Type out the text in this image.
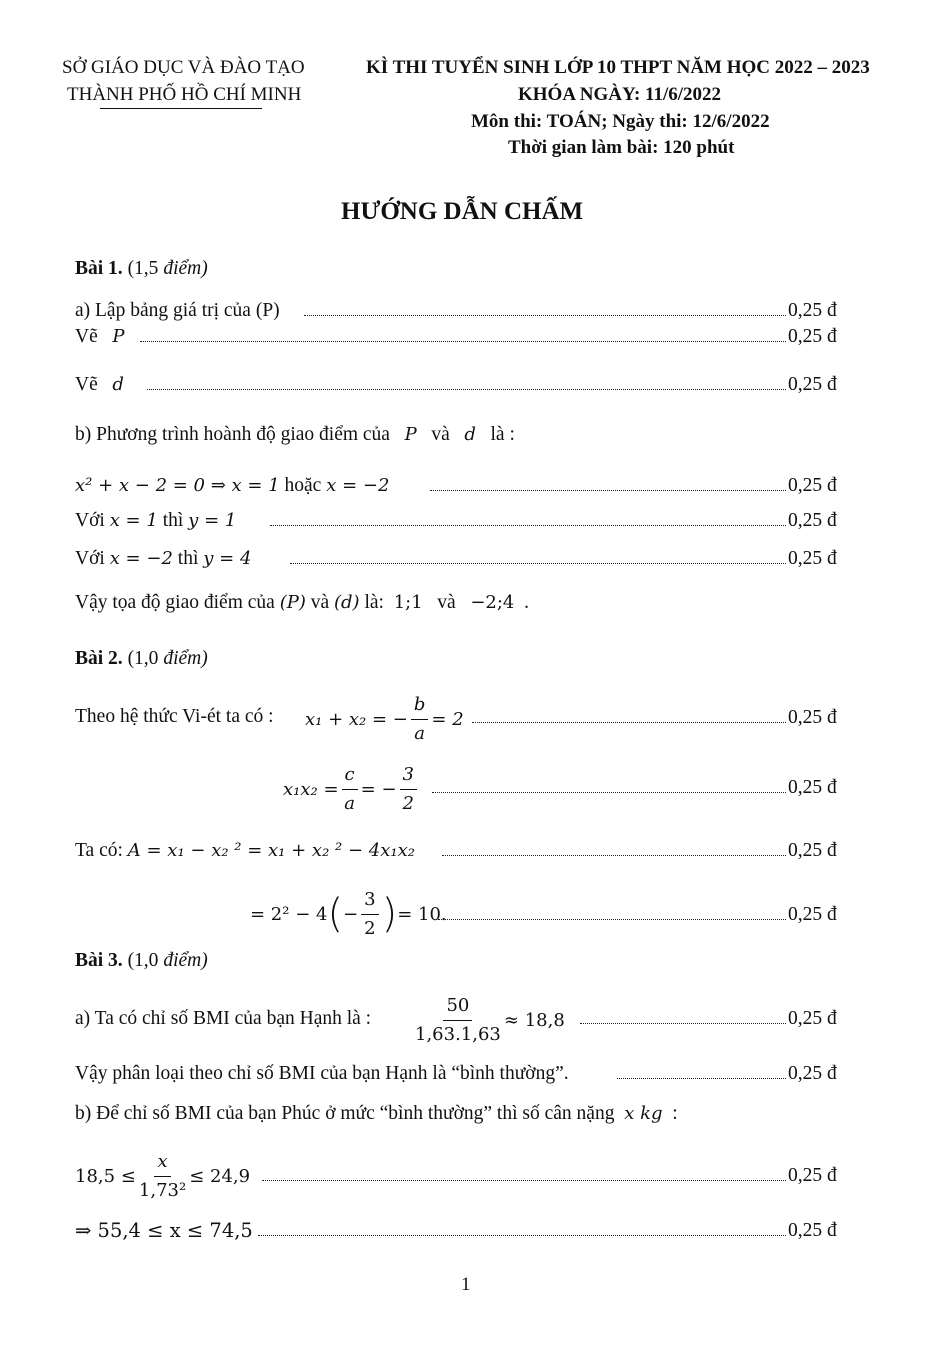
SỞ GIÁO DỤC VÀ ĐÀO TẠO
THÀNH PHỐ HỒ CHÍ MINH
KÌ THI TUYỂN SINH LỚP 10 THPT NĂM HỌC 2022 – 2023
KHÓA NGÀY: 11/6/2022
Môn thi: TOÁN; Ngày thi: 12/6/2022
Thời gian làm bài: 120 phút
HƯỚNG DẪN CHẤM
Bài 1. (1,5 điểm)
a) Lập bảng giá trị của (P)	0,25 đ
Vẽ P	0,25 đ
Vẽ d	0,25 đ
b) Phương trình hoành độ giao điểm của P và d là :
x² + x − 2 = 0 ⇒ x = 1 hoặc x = −2	0,25 đ
Với x = 1 thì y = 1	0,25 đ
Với x = −2 thì y = 4	0,25 đ
Vậy tọa độ giao điểm của (P) và (d) là: 1;1 và −2;4 .
Bài 2. (1,0 điểm)
Theo hệ thức Vi-ét ta có : x₁ + x₂ = − $\frac{b}{a} = 2$	0,25 đ
$x_1x_2 = \frac{c}{a}$ = − $\frac{3}{2}$	0,25 đ
Ta có: A = x₁ − x₂ ² = x₁ + x₂ ² − 4x₁x₂	0,25 đ
= 2² − 4 ( − $\frac{3}{2}$ ) = 10.	0,25 đ
Bài 3. (1,0 điểm)
a) Ta có chỉ số BMI của bạn Hạnh là : $\frac{50}{1,63.1,63} \approx 18,8$	0,25 đ
Vậy phân loại theo chỉ số BMI của bạn Hạnh là “bình thường”.	0,25 đ
b) Để chỉ số BMI của bạn Phúc ở mức “bình thường” thì số cân nặng x kg :
$18,5 \le \frac{x}{\text{1,73²}} \le 24,9$	0,25 đ
⇒ 55,4 ≤ x ≤ 74,5	0,25 đ
1
